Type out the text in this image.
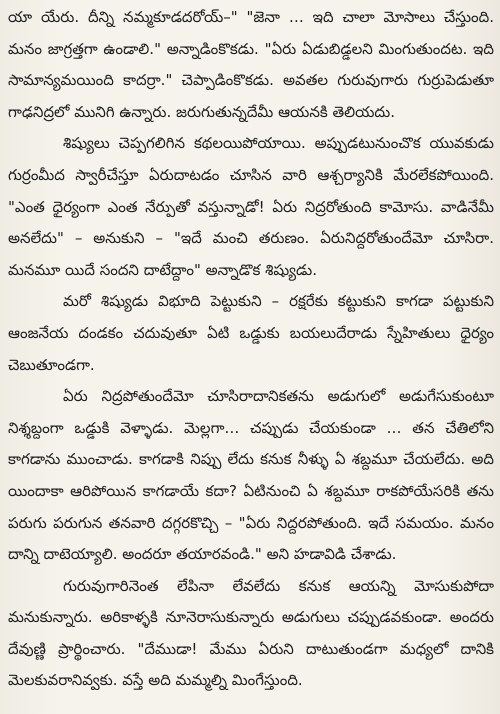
యా యేరు. దీన్ని నమ్మకూడదరోయ్–" "జెనా … ఇది చాలా మోసాలు చేస్తుంది. మనం జాగ్రత్తగా ఉండాలి." అన్నాడింకొకడు. "ఏరు ఏడుబిడ్డలని మింగుతుందట. ఇది సామాన్యమయింది కాదర్రా." చెప్పాడింకొకడు. అవతల గురువుగారు గుర్రుపెడుతూ గాఢనిద్రలో మునిగి ఉన్నారు. జరుగుతున్నదేమీ ఆయనకి తెలియదు.

శిష్యులు చెప్పగలిగిన కథలయిపోయాయి. అప్పుడటునుంచొక యువకుడు గుర్రంమీద స్వారీచేస్తూ ఏరుదాటడం చూసిన వారి ఆశ్చర్యానికి మేరలేకపోయింది. "ఎంత ధైర్యంగా ఎంత నేర్పుతో వస్తున్నాడో! ఏరు నిద్రరోతుంది కామోసు. వాడినేమీ అనలేదు" – అనుకుని – "ఇదే మంచి తరుణం. ఏరునిద్దరోతుందేమో చూసిరా. మనమూ యిదే సందని దాటేద్దాం" అన్నాడొక శిష్యుడు.

మరో శిష్యుడు విభూది పెట్టుకుని – రక్షరేకు కట్టుకుని కాగడా పట్టుకుని ఆంజనేయ దండకం చదువుతూ ఏటి ఒడ్డుకు బయలుదేరాడు స్నేహితులు ధైర్యం చెబుతూండగా.

ఏరు నిద్రపోతుందేమో చూసిరాదానికతను అడుగులో అడుగేసుకుంటూ నిశ్శబ్దంగా ఒడ్డుకి వెళ్ళాడు. మెల్లగా… చప్పుడు చేయకుండా … తన చేతిలోని కాగడాను ముంచాడు. కాగడాకి నిప్పు లేదు కనుక నీళ్ళు ఏ శబ్దమూ చేయలేదు. అది యిందాకా ఆరిపోయిన కాగడాయే కదా? ఏటినుంచి ఏ శబ్దమూ రాకపోయేసరికి తను పరుగు పరుగున తనవారి దగ్గరకొచ్చి – "ఏరు నిద్దరపోతుంది. ఇదే సమయం. మనం దాన్ని దాటెయ్యాలి. అందరూ తయారవండి." అని హడావిడి చేశాడు.

గురువుగారినెంత లేపినా లేవలేదు కనుక ఆయన్ని మోసుకుపోదా మనుకున్నారు. అరికాళ్ళకి నూనెరాసుకున్నారు అడుగులు చప్పుడవకుండా. అందరు దేవుణ్ణి ప్రార్థించారు. "దేముడా! మేము ఏరుని దాటుతుండగా మధ్యలో దానికి మెలకువరానివ్వకు. వస్తే అది మమ్మల్ని మింగేస్తుంది.
